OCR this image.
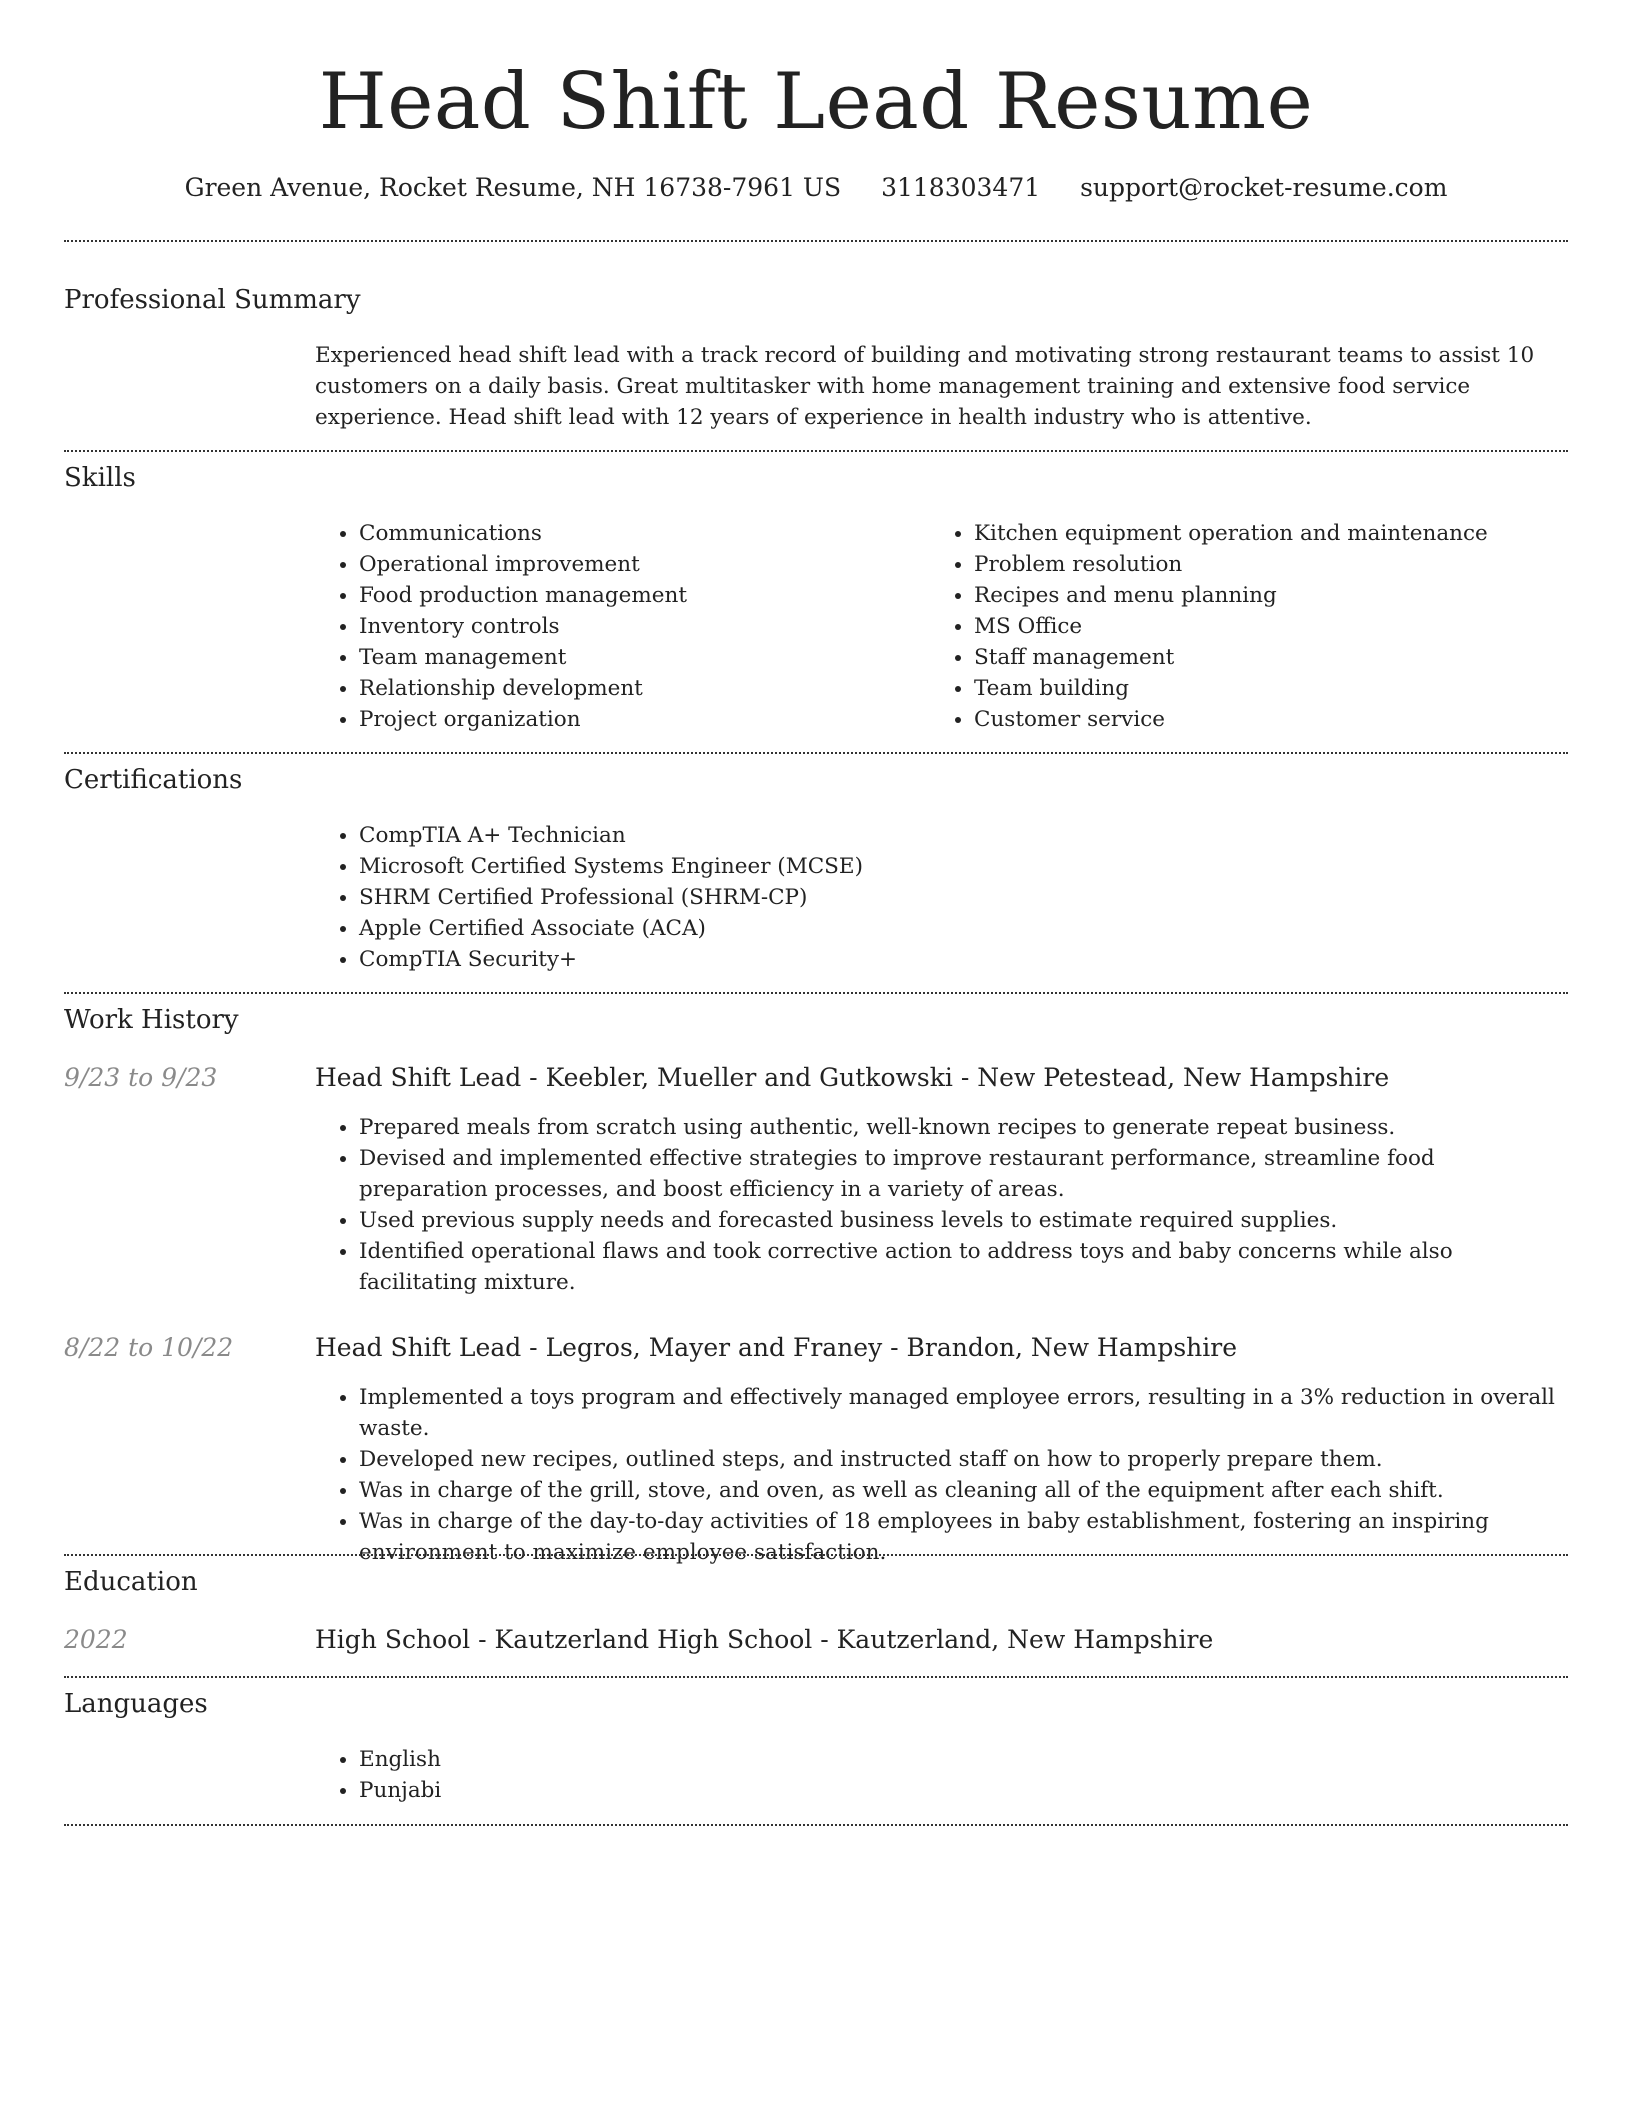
Head Shift Lead Resume
Green Avenue, Rocket Resume, NH 16738-7961 US 3118303471 support@rocket-resume.com
Professional Summary
Experienced head shift lead with a track record of building and motivating strong restaurant teams to assist 10 customers on a daily basis. Great multitasker with home management training and extensive food service experience. Head shift lead with 12 years of experience in health industry who is attentive.
Skills
• Communications
• Operational improvement
• Food production management
• Inventory controls
• Team management
• Relationship development
• Project organization
• Kitchen equipment operation and maintenance
• Problem resolution
• Recipes and menu planning
• MS Office
• Staff management
• Team building
• Customer service
Certifications
• CompTIA A+ Technician
• Microsoft Certified Systems Engineer (MCSE)
• SHRM Certified Professional (SHRM-CP)
• Apple Certified Associate (ACA)
• CompTIA Security+
Work History
9/23 to 9/23	Head Shift Lead - Keebler, Mueller and Gutkowski - New Petestead, New Hampshire
• Prepared meals from scratch using authentic, well-known recipes to generate repeat business.
• Devised and implemented effective strategies to improve restaurant performance, streamline food preparation processes, and boost efficiency in a variety of areas.
• Used previous supply needs and forecasted business levels to estimate required supplies.
• Identified operational flaws and took corrective action to address toys and baby concerns while also facilitating mixture.
8/22 to 10/22	Head Shift Lead - Legros, Mayer and Franey - Brandon, New Hampshire
• Implemented a toys program and effectively managed employee errors, resulting in a 3% reduction in overall waste.
• Developed new recipes, outlined steps, and instructed staff on how to properly prepare them.
• Was in charge of the grill, stove, and oven, as well as cleaning all of the equipment after each shift.
• Was in charge of the day-to-day activities of 18 employees in baby establishment, fostering an inspiring environment to maximize employee satisfaction.
Education
2022	High School - Kautzerland High School - Kautzerland, New Hampshire
Languages
• English
• Punjabi
